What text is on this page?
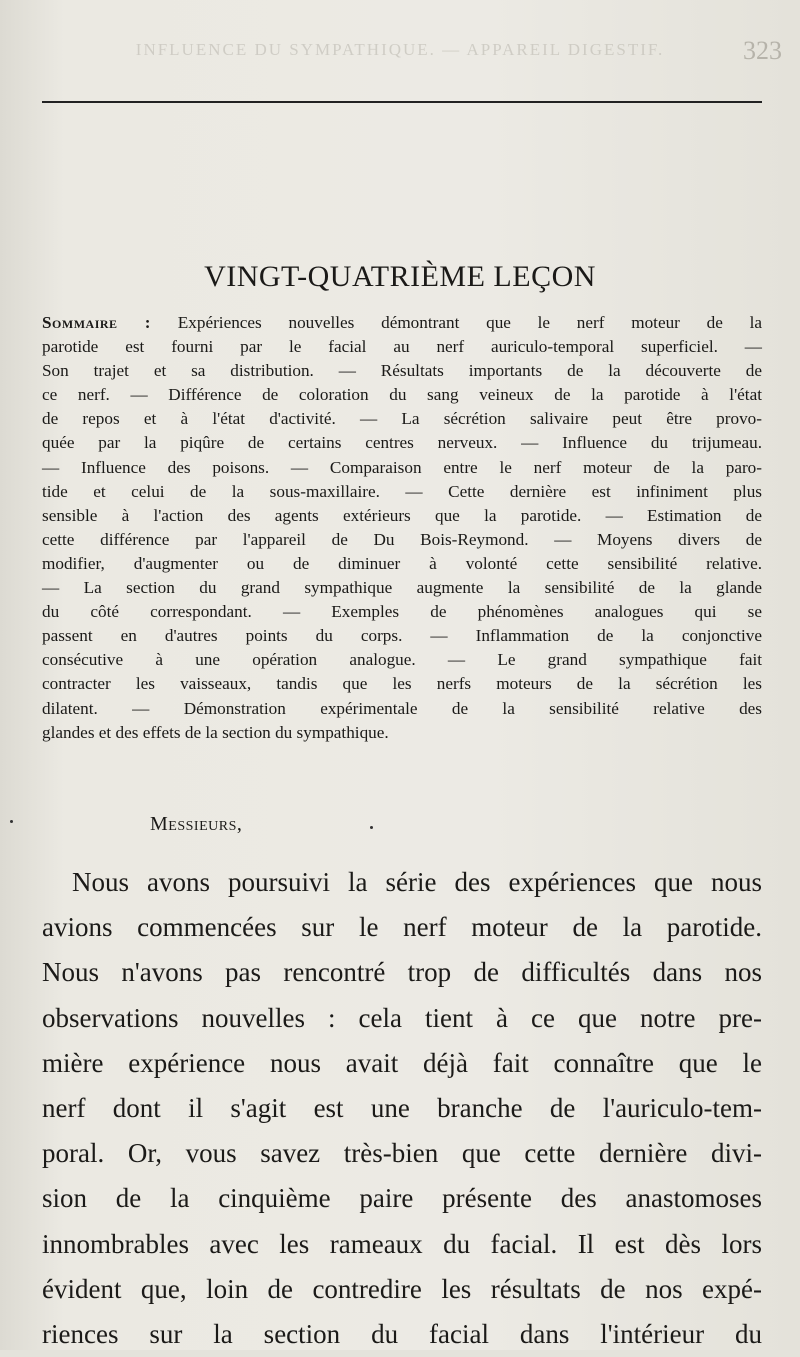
INFLUENCE DU SYMPATHIQUE. — APPAREIL DIGESTIF.	323
VINGT-QUATRIÈME LEÇON
Sommaire : Expériences nouvelles démontrant que le nerf moteur de la parotide est fourni par le facial au nerf auriculo-temporal superficiel. — Son trajet et sa distribution. — Résultats importants de la découverte de ce nerf. — Différence de coloration du sang veineux de la parotide à l'état de repos et à l'état d'activité. — La sécrétion salivaire peut être provo- quée par la piqûre de certains centres nerveux. — Influence du trijumeau. — Influence des poisons. — Comparaison entre le nerf moteur de la paro- tide et celui de la sous-maxillaire. — Cette dernière est infiniment plus sensible à l'action des agents extérieurs que la parotide. — Estimation de cette différence par l'appareil de Du Bois-Reymond. — Moyens divers de modifier, d'augmenter ou de diminuer à volonté cette sensibilité relative. — La section du grand sympathique augmente la sensibilité de la glande du côté correspondant. — Exemples de phénomènes analogues qui se passent en d'autres points du corps. — Inflammation de la conjonctive consécutive à une opération analogue. — Le grand sympathique fait contracter les vaisseaux, tandis que les nerfs moteurs de la sécrétion les dilatent. — Démonstration expérimentale de la sensibilité relative des glandes et des effets de la section du sympathique.
Messieurs,
Nous avons poursuivi la série des expériences que nous
avions commencées sur le nerf moteur de la parotide.
Nous n'avons pas rencontré trop de difficultés dans nos
observations nouvelles : cela tient à ce que notre pre-
mière expérience nous avait déjà fait connaître que le
nerf dont il s'agit est une branche de l'auriculo-tem-
poral. Or, vous savez très-bien que cette dernière divi-
sion de la cinquième paire présente des anastomoses
innombrables avec les rameaux du facial. Il est dès lors
évident que, loin de contredire les résultats de nos expé-
riences sur la section du facial dans l'intérieur du
